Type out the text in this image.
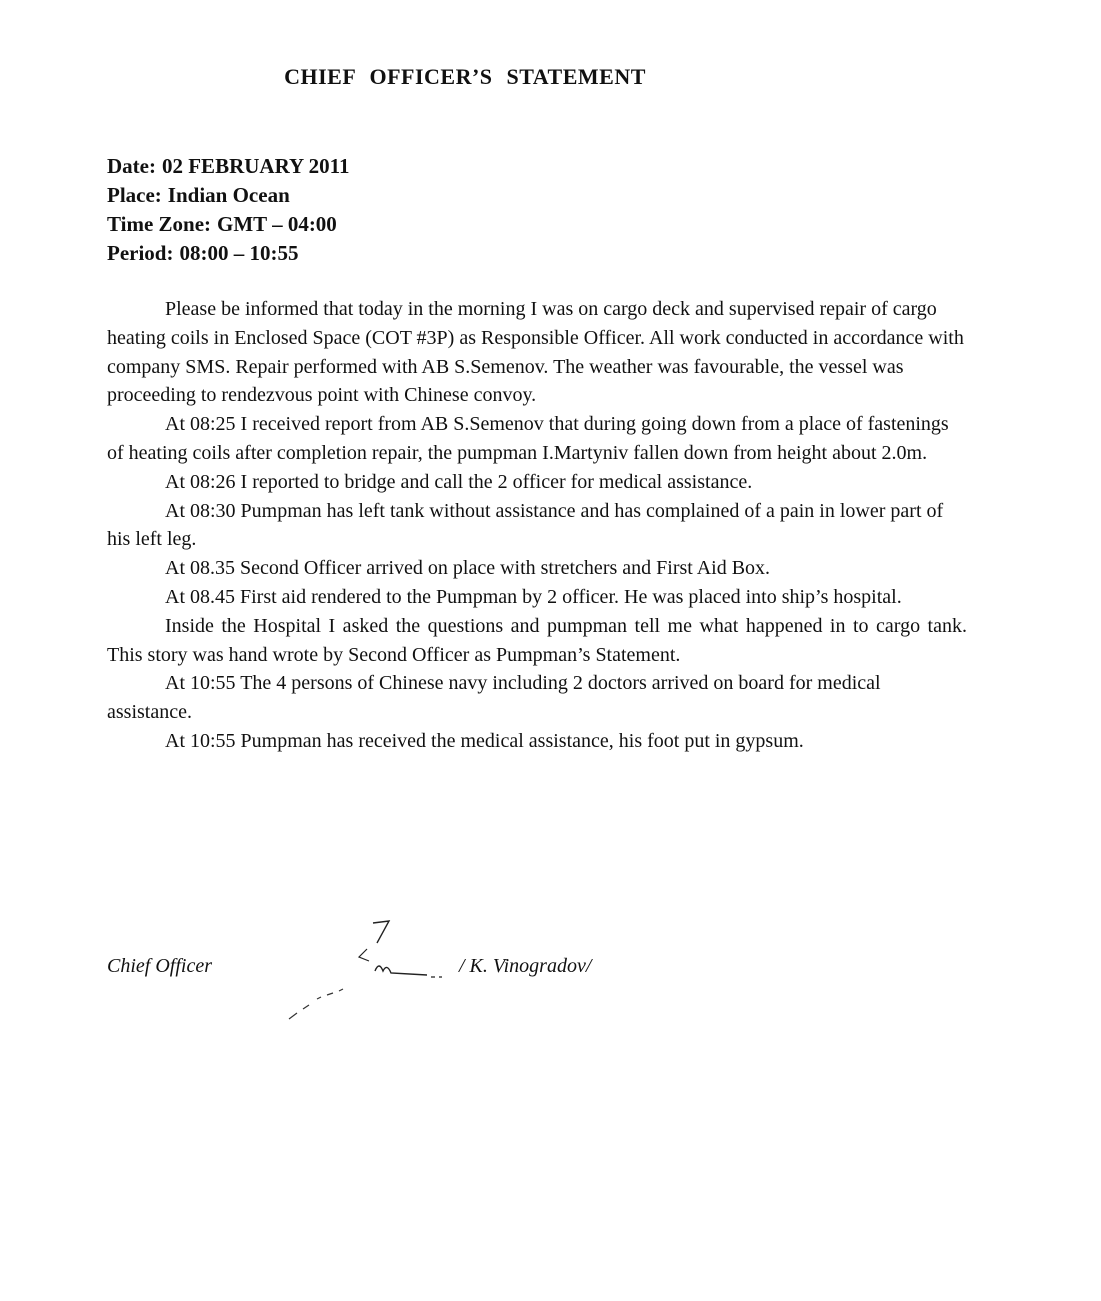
CHIEF OFFICER’S STATEMENT
Date: 02 FEBRUARY 2011
Place: Indian Ocean
Time Zone: GMT – 04:00
Period: 08:00 – 10:55

Please be informed that today in the morning I was on cargo deck and supervised repair of cargo heating coils in Enclosed Space (COT #3P) as Responsible Officer. All work conducted in accordance with company SMS. Repair performed with AB S.Semenov. The weather was favourable, the vessel was proceeding to rendezvous point with Chinese convoy.

At 08:25 I received report from AB S.Semenov that during going down from a place of fastenings of heating coils after completion repair, the pumpman I.Martyniv fallen down from height about 2.0m.

At 08:26 I reported to bridge and call the 2 officer for medical assistance.

At 08:30 Pumpman has left tank without assistance and has complained of a pain in lower part of his left leg.

At 08.35 Second Officer arrived on place with stretchers and First Aid Box.

At 08.45 First aid rendered to the Pumpman by 2 officer. He was placed into ship’s hospital.

Inside the Hospital I asked the questions and pumpman tell me what happened in to cargo tank. This story was hand wrote by Second Officer as Pumpman’s Statement.

At 10:55 The 4 persons of Chinese navy including 2 doctors arrived on board for medical assistance.

At 10:55 Pumpman has received the medical assistance, his foot put in gypsum.

Chief Officer	/ K. Vinogradov/
